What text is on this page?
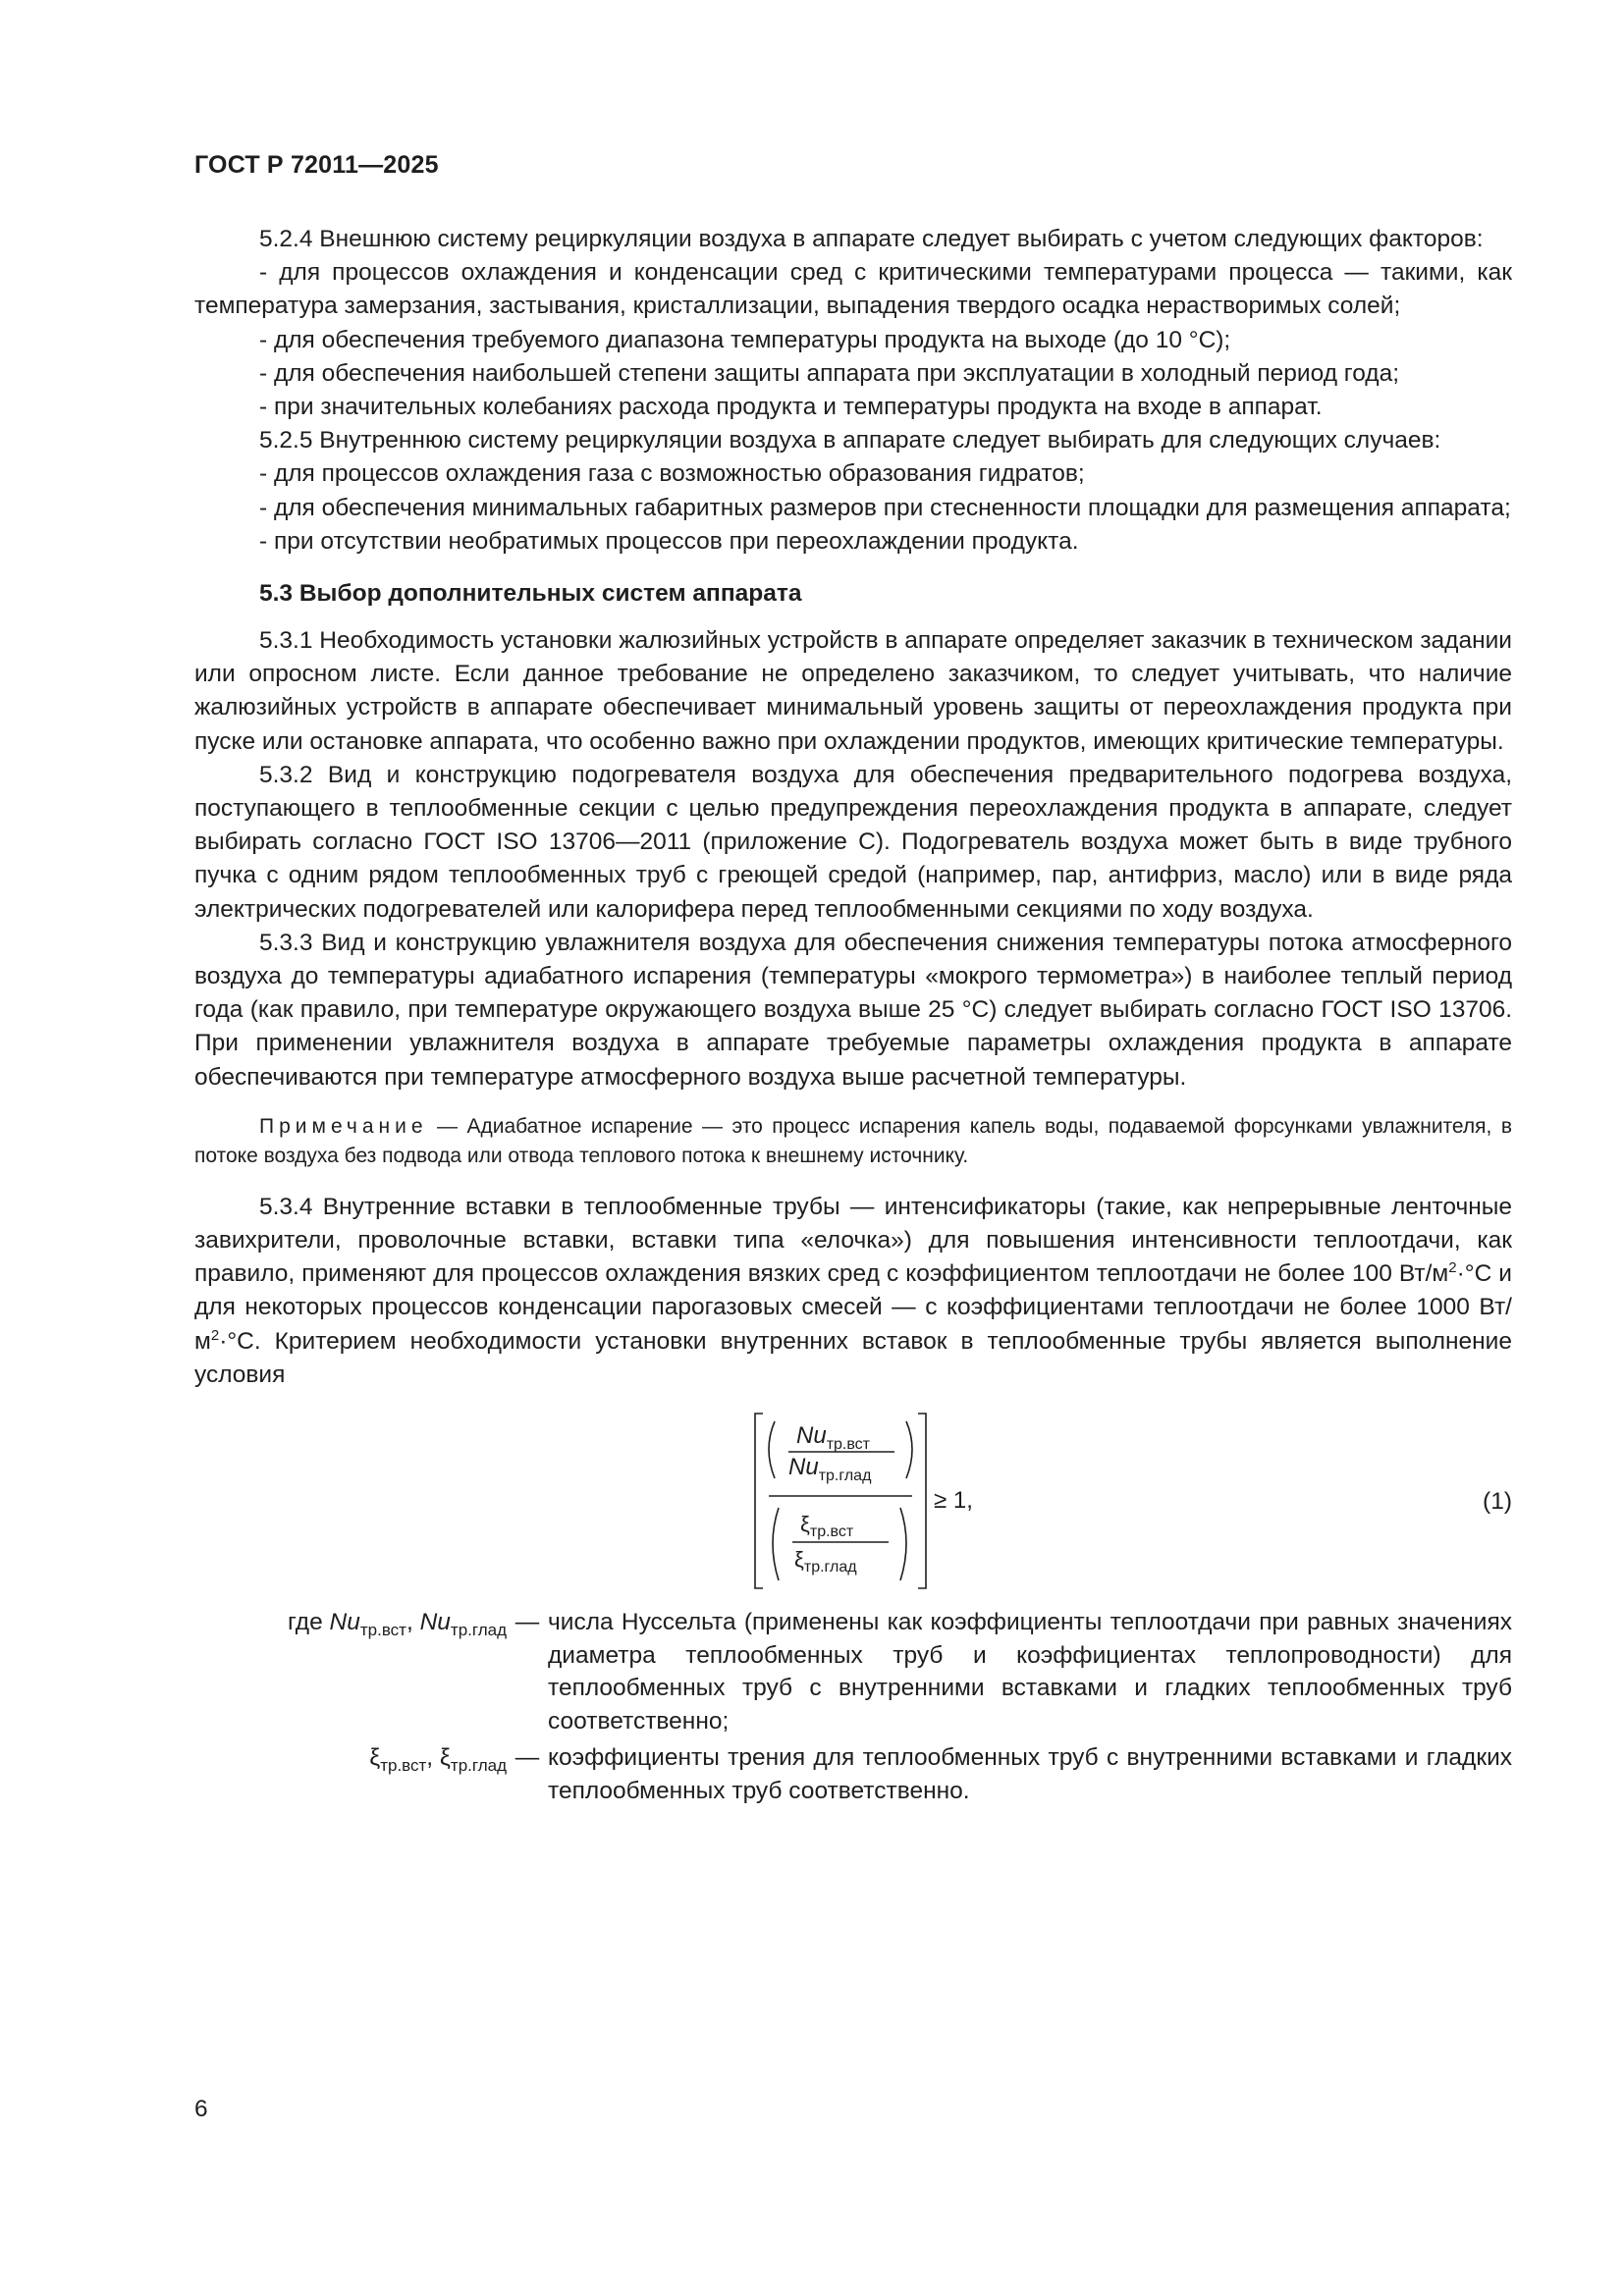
ГОСТ Р 72011—2025

5.2.4 Внешнюю систему рециркуляции воздуха в аппарате следует выбирать с учетом следующих факторов:

- для процессов охлаждения и конденсации сред с критическими температурами процесса — такими, как температура замерзания, застывания, кристаллизации, выпадения твердого осадка нерастворимых солей;

- для обеспечения требуемого диапазона температуры продукта на выходе (до 10 °С);

- для обеспечения наибольшей степени защиты аппарата при эксплуатации в холодный период года;

- при значительных колебаниях расхода продукта и температуры продукта на входе в аппарат.

5.2.5 Внутреннюю систему рециркуляции воздуха в аппарате следует выбирать для следующих случаев:

- для процессов охлаждения газа с возможностью образования гидратов;

- для обеспечения минимальных габаритных размеров при стесненности площадки для размещения аппарата;

- при отсутствии необратимых процессов при переохлаждении продукта.

5.3 Выбор дополнительных систем аппарата

5.3.1 Необходимость установки жалюзийных устройств в аппарате определяет заказчик в техническом задании или опросном листе. Если данное требование не определено заказчиком, то следует учитывать, что наличие жалюзийных устройств в аппарате обеспечивает минимальный уровень защиты от переохлаждения продукта при пуске или остановке аппарата, что особенно важно при охлаждении продуктов, имеющих критические температуры.

5.3.2 Вид и конструкцию подогревателя воздуха для обеспечения предварительного подогрева воздуха, поступающего в теплообменные секции с целью предупреждения переохлаждения продукта в аппарате, следует выбирать согласно ГОСТ ISO 13706—2011 (приложение С). Подогреватель воздуха может быть в виде трубного пучка с одним рядом теплообменных труб с греющей средой (например, пар, антифриз, масло) или в виде ряда электрических подогревателей или калорифера перед теплообменными секциями по ходу воздуха.

5.3.3 Вид и конструкцию увлажнителя воздуха для обеспечения снижения температуры потока атмосферного воздуха до температуры адиабатного испарения (температуры «мокрого термометра») в наиболее теплый период года (как правило, при температуре окружающего воздуха выше 25 °С) следует выбирать согласно ГОСТ ISO 13706. При применении увлажнителя воздуха в аппарате требуемые параметры охлаждения продукта в аппарате обеспечиваются при температуре атмосферного воздуха выше расчетной температуры.

Примечание — Адиабатное испарение — это процесс испарения капель воды, подаваемой форсунками увлажнителя, в потоке воздуха без подвода или отвода теплового потока к внешнему источнику.

5.3.4 Внутренние вставки в теплообменные трубы — интенсификаторы (такие, как непрерывные ленточные завихрители, проволочные вставки, вставки типа «елочка») для повышения интенсивности теплоотдачи, как правило, применяют для процессов охлаждения вязких сред с коэффициентом теплоотдачи не более 100 $Вт/м^2\cdot^\circ С$ и для некоторых процессов конденсации парогазовых смесей — с коэффициентами теплоотдачи не более 1000 $Вт/м^2\cdot^\circ С$. Критерием необходимости установки внутренних вставок в теплообменные трубы является выполнение условия

$Nu_{тр.вст}$
$Nu_{тр.глад}$
$\xi_{тр.вст}$
$\xi_{тр.глад}$
≥ 1,	(1)
где $Nu_{тр.вст}$, $Nu_{тр.глад}$ — числа Нуссельта (применены как коэффициенты теплоотдачи при равных значениях диаметра теплообменных труб и коэффициентах теплопроводности) для теплообменных труб с внутренними вставками и гладких теплообменных труб соответственно;
$\xi_{тр.вст}$, $\xi_{тр.глад}$ — коэффициенты трения для теплообменных труб с внутренними вставками и гладких теплообменных труб соответственно.
6
